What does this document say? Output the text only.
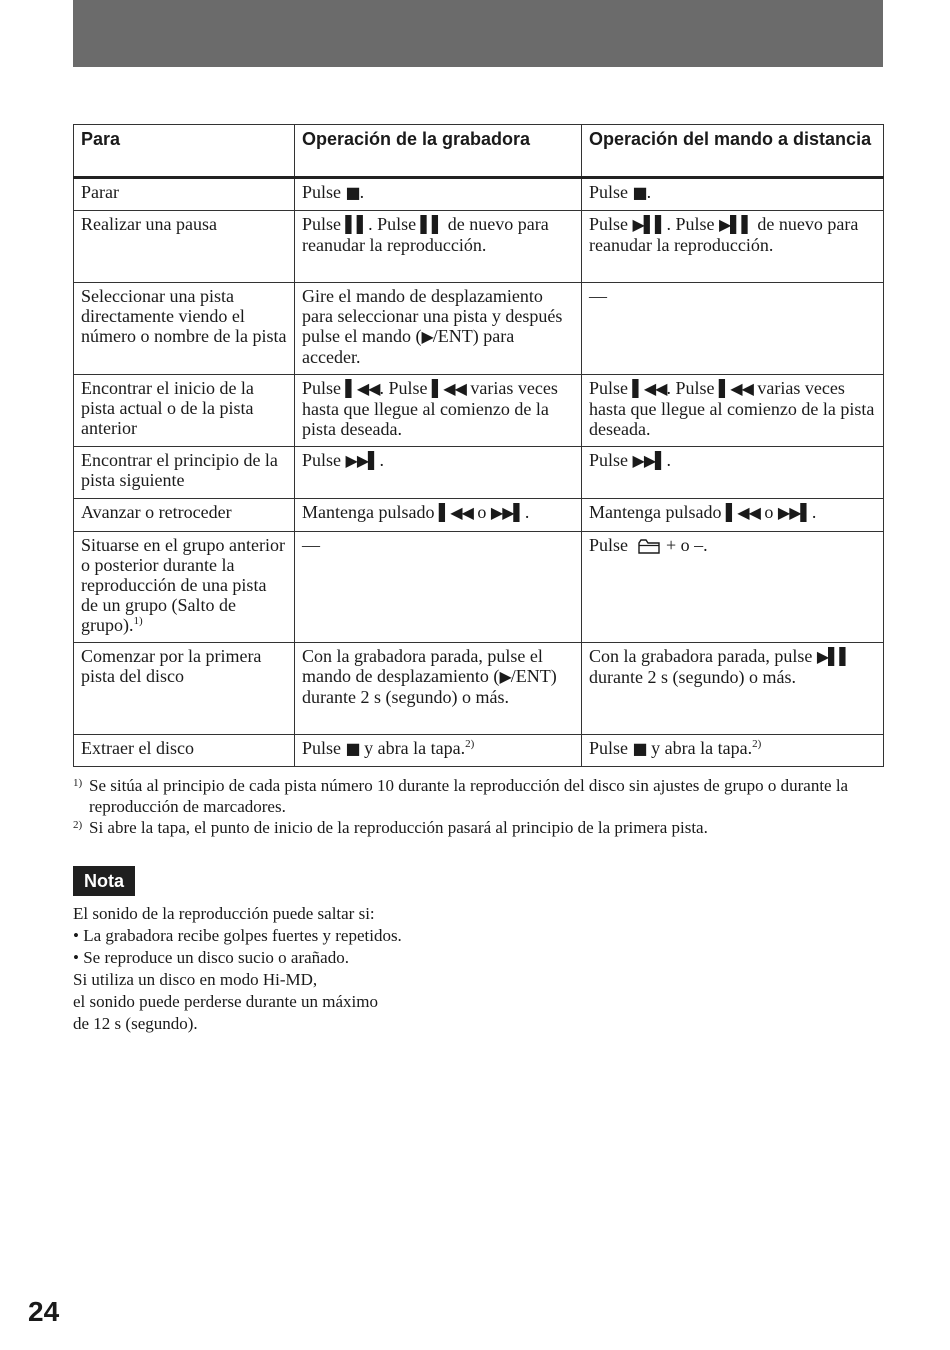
Para	Operación de la grabadora	Operación del mando a distancia
Parar	Pulse ■.	Pulse ■.
Realizar una pausa	Pulse ▌▌. Pulse ▌▌ de nuevo para reanudar la reproducción.	Pulse ▶▌▌. Pulse ▶▌▌ de nuevo para reanudar la reproducción.
Seleccionar una pista directamente viendo el número o nombre de la pista	Gire el mando de desplazamiento para seleccionar una pista y después pulse el mando (▶/ENT) para acceder.	—
Encontrar el inicio de la pista actual o de la pista anterior	Pulse ▌◀◀. Pulse ▌◀◀ varias veces hasta que llegue al comienzo de la pista deseada.	Pulse ▌◀◀. Pulse ▌◀◀ varias veces hasta que llegue al comienzo de la pista deseada.
Encontrar el principio de la pista siguiente	Pulse ▶▶▌.	Pulse ▶▶▌.
Avanzar o retroceder	Mantenga pulsado ▌◀◀ o ▶▶▌.	Mantenga pulsado ▌◀◀ o ▶▶▌.
Situarse en el grupo anterior o posterior durante la reproducción de una pista de un grupo (Salto de grupo).$^{1)}$	—	Pulse + o –.
Comenzar por la primera pista del disco	Con la grabadora parada, pulse el mando de desplazamiento (▶/ENT) durante 2 s (segundo) o más.	Con la grabadora parada, pulse ▶▌▌ durante 2 s (segundo) o más.
Extraer el disco	Pulse ■ y abra la tapa.$^{2)}$	Pulse ■ y abra la tapa.$^{2)}$
$^{1)}$ Se sitúa al principio de cada pista número 10 durante la reproducción del disco sin ajustes de grupo o durante la reproducción de marcadores.
$^{2)}$ Si abre la tapa, el punto de inicio de la reproducción pasará al principio de la primera pista.
Nota
El sonido de la reproducción puede saltar si:
• La grabadora recibe golpes fuertes y repetidos.
• Se reproduce un disco sucio o arañado.
Si utiliza un disco en modo Hi-MD,
el sonido puede perderse durante un máximo
de 12 s (segundo).
24
